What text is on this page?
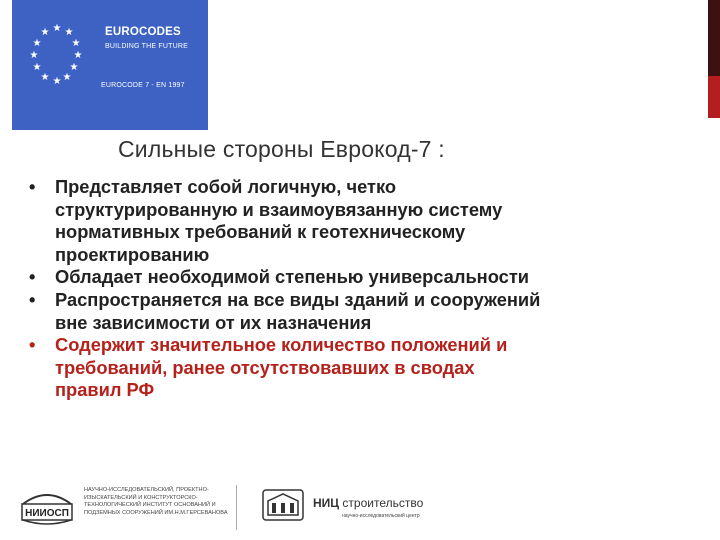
★ ★
★
★
★
★
★
★
★
★
★
★	EUROCODES
BUILDING THE FUTURE
EUROCODE 7 - EN 1997
Сильные стороны Еврокод-7 :
• Представляет собой логичную, четко
структурированную и взаимоувязанную систему
нормативных требований к геотехническому
проектированию
• Обладает необходимой степенью универсальности
• Распространяется на все виды зданий и сооружений
вне зависимости от их назначения
• Содержит значительное количество положений и
требований, ранее отсутствовавших в сводах
правил РФ
НИИОСП
НАУЧНО-ИССЛЕДОВАТЕЛЬСКИЙ, ПРОЕКТНО-ИЗЫСКАТЕЛЬСКИЙ И КОНСТРУКТОРСКО-ТЕХНОЛОГИЧЕСКИЙ ИНСТИТУТ ОСНОВАНИЙ И ПОДЗЕМНЫХ СООРУЖЕНИЙ ИМ.Н.М.ГЕРСЕВАНОВА
НИЦ строительство
научно-исследовательский центр
